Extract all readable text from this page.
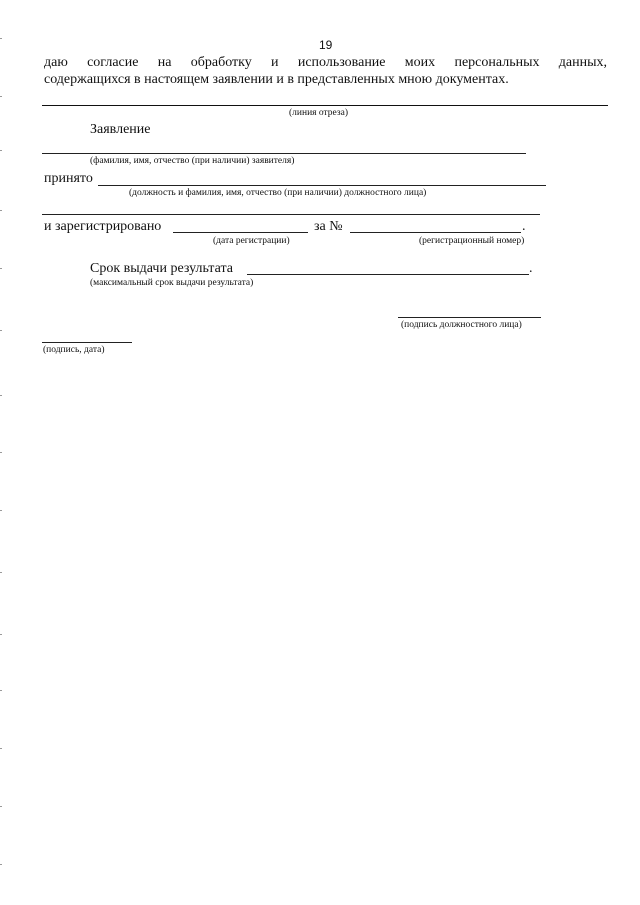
19
даю согласие на обработку и использование моих персональных данных,
содержащихся в настоящем заявлении и в представленных мною документах.
(линия отреза)
Заявление
(фамилия, имя, отчество (при наличии) заявителя)
принято
(должность и фамилия, имя, отчество (при наличии) должностного лица)
и зарегистрировано	за №	.
(дата регистрации)	(регистрационный номер)
Срок выдачи результата	.
(максимальный срок выдачи результата)
(подпись должностного лица)
(подпись, дата)
